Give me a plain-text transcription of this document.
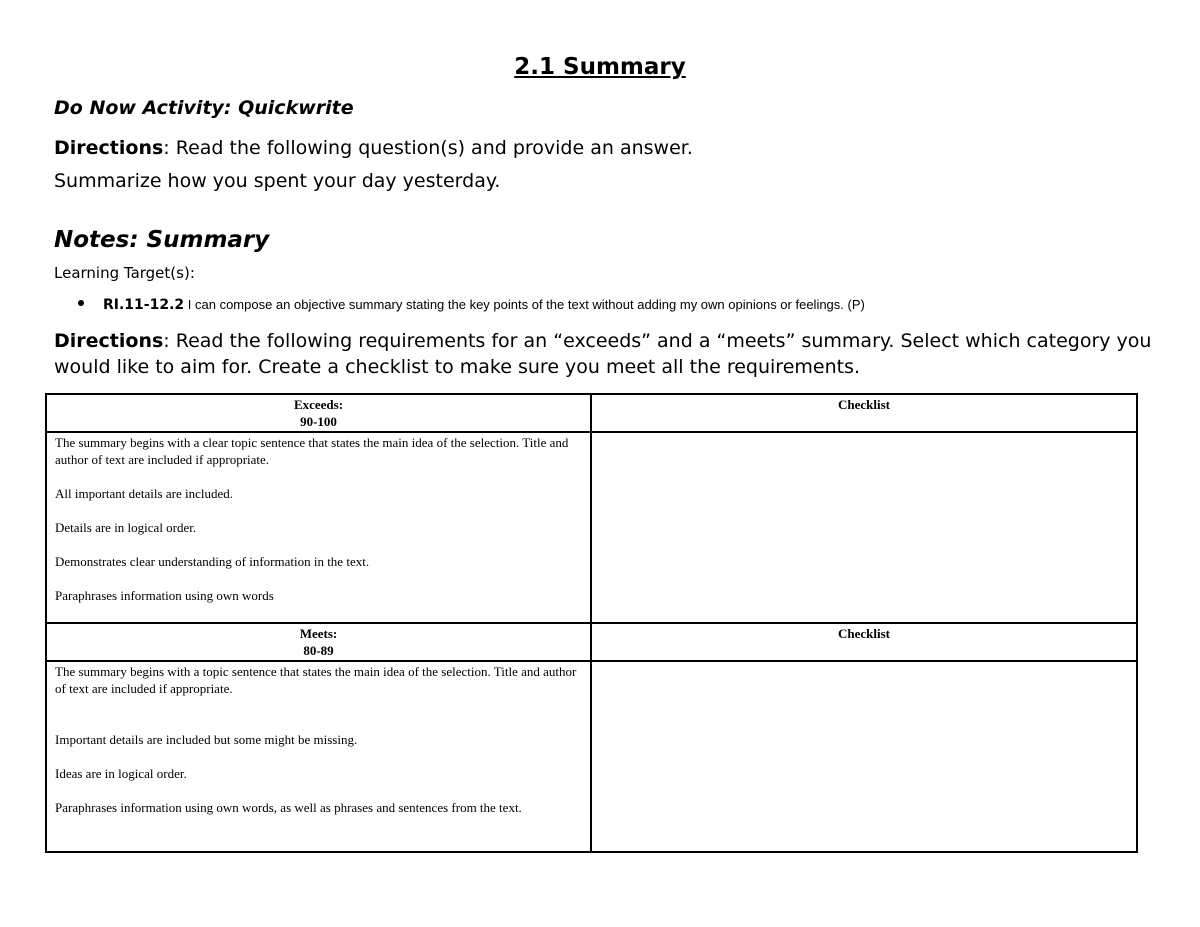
2.1 Summary
Do Now Activity: Quickwrite
Directions: Read the following question(s) and provide an answer.
Summarize how you spent your day yesterday.
Notes: Summary
Learning Target(s):
RI.11-12.2 I can compose an objective summary stating the key points of the text without adding my own opinions or feelings. (P)
Directions: Read the following requirements for an “exceeds” and a “meets” summary. Select which category you would like to aim for. Create a checklist to make sure you meet all the requirements.
Exceeds:
90-100	Checklist

The summary begins with a clear topic sentence that states the main idea of the selection. Title and author of text are included if appropriate.

All important details are included.

Details are in logical order.

Demonstrates clear understanding of information in the text.

Paraphrases information using own words	

Meets:
80-89	Checklist

The summary begins with a topic sentence that states the main idea of the selection. Title and author of text are included if appropriate.

Important details are included but some might be missing.

Ideas are in logical order.

Paraphrases information using own words, as well as phrases and sentences from the text.	
